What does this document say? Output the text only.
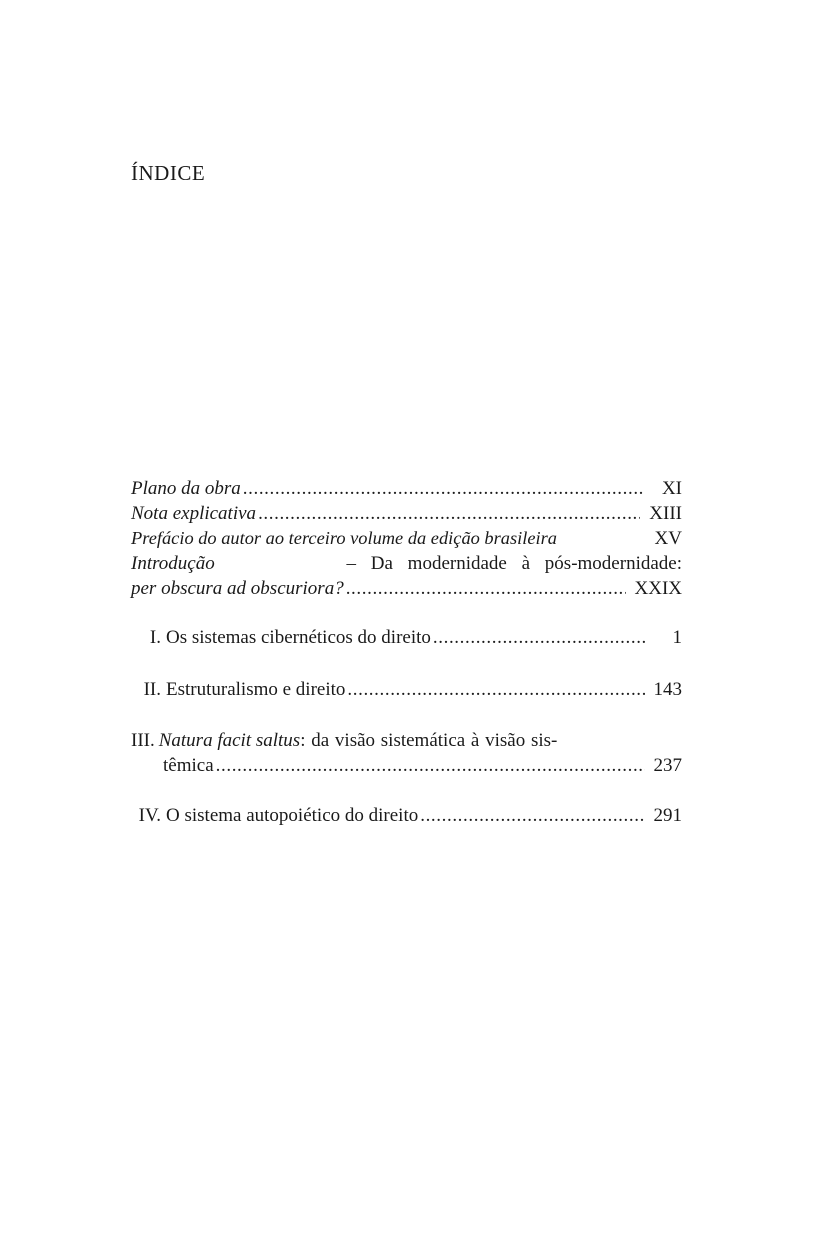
ÍNDICE
Plano da obra .....	XI
Nota explicativa .....	XIII
Prefácio do autor ao terceiro volume da edição brasileira	XV
Introdução	– Da modernidade à pós-modernidade:
per obscura ad obscuriora? .....	XXIX
I. Os sistemas cibernéticos do direito .....	1
II. Estruturalismo e direito .....	143
III. Natura facit saltus : da visão sistemática à visão sis-
têmica .....	237
IV. O sistema autopoiético do direito .....	291
